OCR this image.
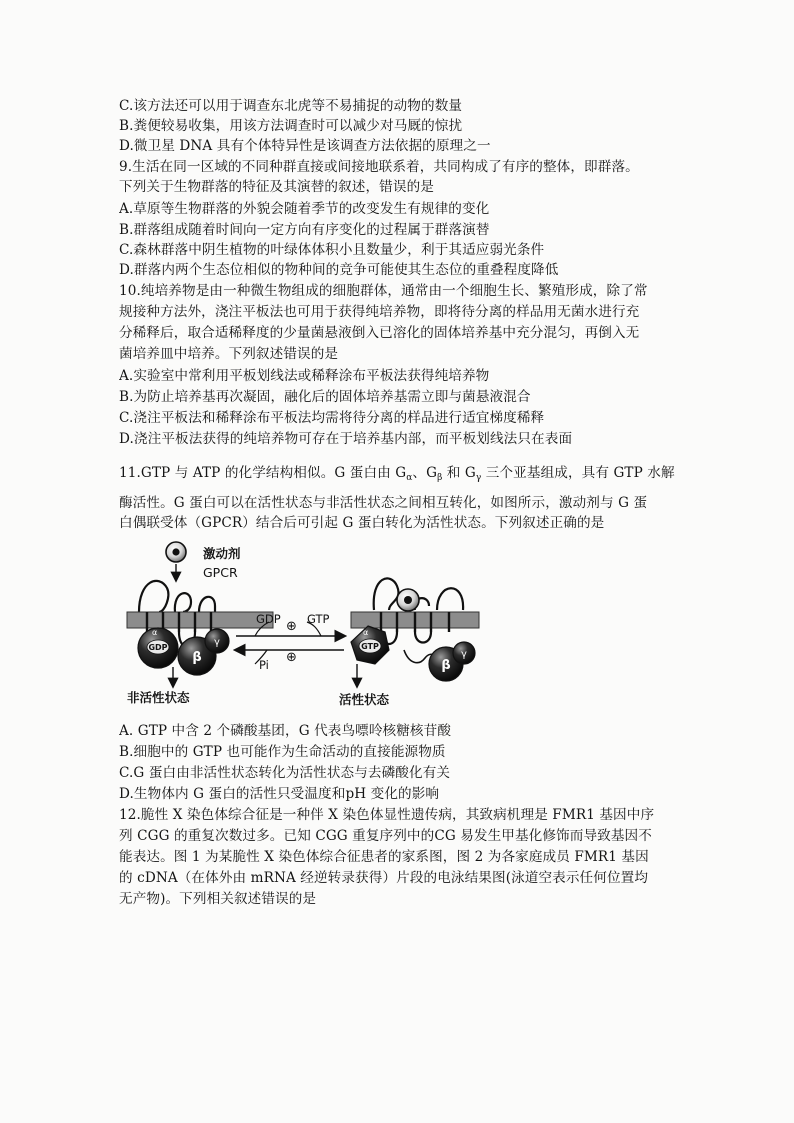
C.该方法还可以用于调查东北虎等不易捕捉的动物的数量
B.粪便较易收集，用该方法调查时可以减少对马厩的惊扰
D.微卫星 DNA 具有个体特异性是该调查方法依据的原理之一
9.生活在同一区域的不同种群直接或间接地联系着，共同构成了有序的整体，即群落。
下列关于生物群落的特征及其演替的叙述，错误的是
A.草原等生物群落的外貌会随着季节的改变发生有规律的变化
B.群落组成随着时间向一定方向有序变化的过程属于群落演替
C.森林群落中阴生植物的叶绿体体积小且数量少，利于其适应弱光条件
D.群落内两个生态位相似的物种间的竞争可能使其生态位的重叠程度降低
10.纯培养物是由一种微生物组成的细胞群体，通常由一个细胞生长、繁殖形成，除了常
规接种方法外，浇注平板法也可用于获得纯培养物，即将待分离的样品用无菌水进行充
分稀释后，取合适稀释度的少量菌悬液倒入已溶化的固体培养基中充分混匀，再倒入无
菌培养皿中培养。下列叙述错误的是
A.实验室中常利用平板划线法或稀释涂布平板法获得纯培养物
B.为防止培养基再次凝固，融化后的固体培养基需立即与菌悬液混合
C.浇注平板法和稀释涂布平板法均需将待分离的样品进行适宜梯度稀释
D.浇注平板法获得的纯培养物可存在于培养基内部，而平板划线法只在表面
11.GTP 与 ATP 的化学结构相似。G 蛋白由 $G_\alpha$、$G_\beta$ 和 $G_\gamma$ 三个亚基组成，具有 GTP 水解
酶活性。G 蛋白可以在活性状态与非活性状态之间相互转化，如图所示，激动剂与 G 蛋
白偶联受体（GPCR）结合后可引起 G 蛋白转化为活性状态。下列叙述正确的是
GDP
α
β
γ	GTP
α
β
γ
激动剂
GPCR
GDP ⊕ GTP
Pi ⊕
非活性状态	活性状态
A. GTP 中含 2 个磷酸基团，G 代表鸟嘌呤核糖核苷酸
B.细胞中的 GTP 也可能作为生命活动的直接能源物质
C.G 蛋白由非活性状态转化为活性状态与去磷酸化有关
D.生物体内 G 蛋白的活性只受温度和pH 变化的影响
12.脆性 X 染色体综合征是一种伴 X 染色体显性遗传病，其致病机理是 FMR1 基因中序
列 CGG 的重复次数过多。已知 CGG 重复序列中的CG 易发生甲基化修饰而导致基因不
能表达。图 1 为某脆性 X 染色体综合征患者的家系图，图 2 为各家庭成员 FMR1 基因
的 cDNA（在体外由 mRNA 经逆转录获得）片段的电泳结果图(泳道空表示任何位置均
无产物)。下列相关叙述错误的是
